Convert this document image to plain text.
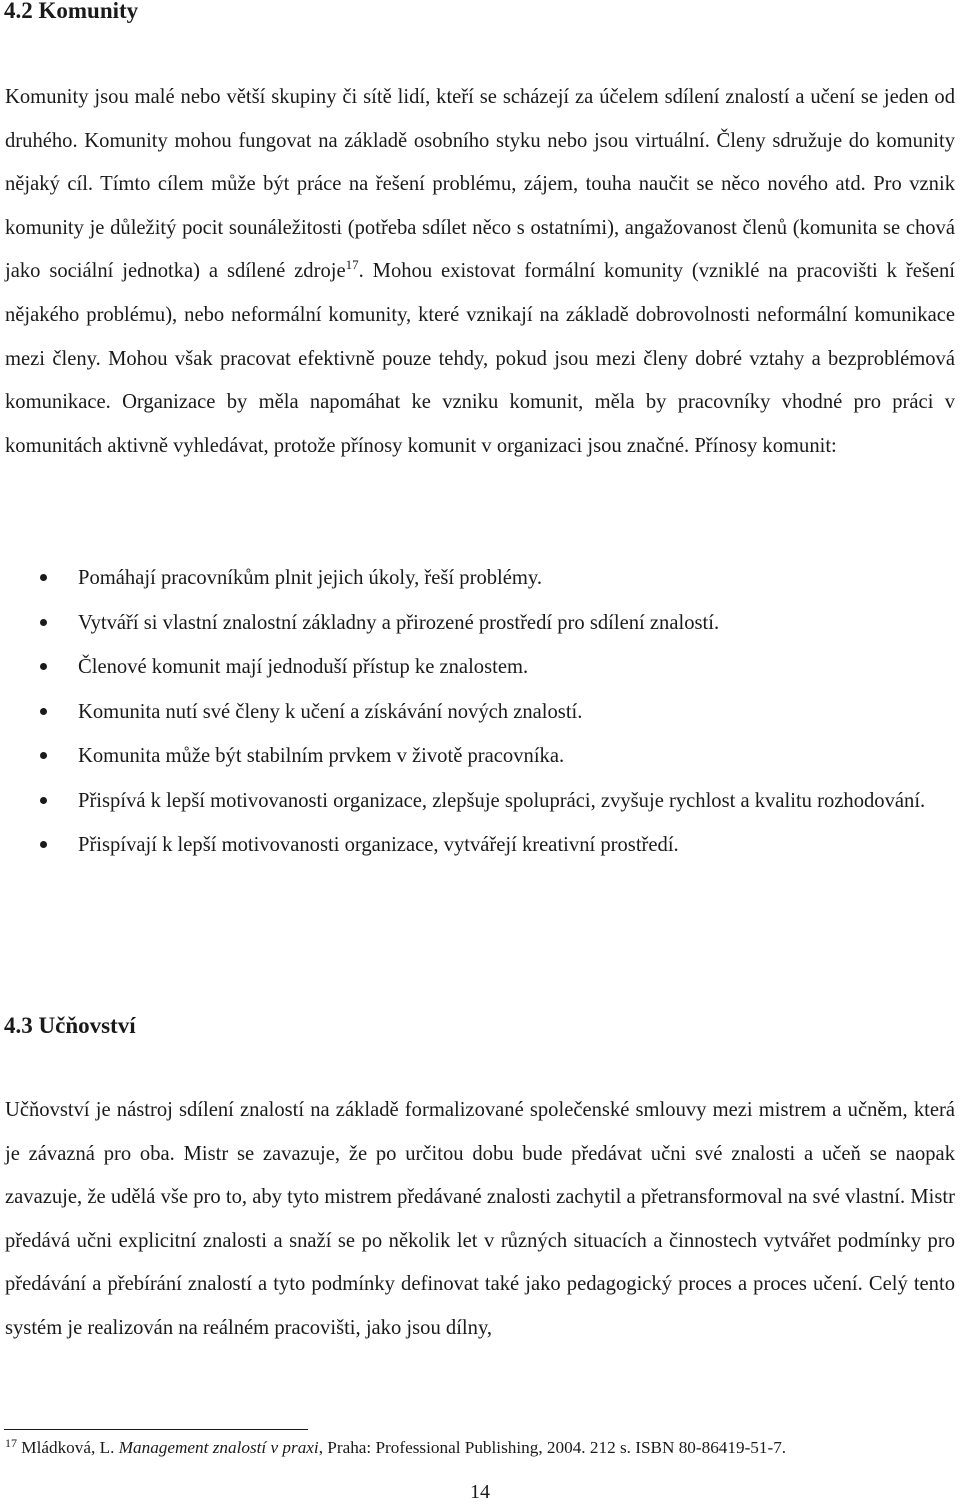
4.2 Komunity

Komunity jsou malé nebo větší skupiny či sítě lidí, kteří se scházejí za účelem sdílení znalostí a učení se jeden od druhého. Komunity mohou fungovat na základě osobního styku nebo jsou virtuální. Členy sdružuje do komunity nějaký cíl. Tímto cílem může být práce na řešení problému, zájem, touha naučit se něco nového atd. Pro vznik komunity je důležitý pocit sounáležitosti (potřeba sdílet něco s ostatními), angažovanost členů (komunita se chová jako sociální jednotka) a sdílené zdroje$^{17}$. Mohou existovat formální komunity (vzniklé na pracovišti k řešení nějakého problému), nebo neformální komunity, které vznikají na základě dobrovolnosti neformální komunikace mezi členy. Mohou však pracovat efektivně pouze tehdy, pokud jsou mezi členy dobré vztahy a bezproblémová komunikace. Organizace by měla napomáhat ke vzniku komunit, měla by pracovníky vhodné pro práci v komunitách aktivně vyhledávat, protože přínosy komunit v organizaci jsou značné. Přínosy komunit:

Pomáhají pracovníkům plnit jejich úkoly, řeší problémy.
Vytváří si vlastní znalostní základny a přirozené prostředí pro sdílení znalostí.
Členové komunit mají jednoduší přístup ke znalostem.
Komunita nutí své členy k učení a získávání nových znalostí.
Komunita může být stabilním prvkem v životě pracovníka.
Přispívá k lepší motivovanosti organizace, zlepšuje spolupráci, zvyšuje rychlost a kvalitu rozhodování.
Přispívají k lepší motivovanosti organizace, vytvářejí kreativní prostředí.
4.3 Učňovství

Učňovství je nástroj sdílení znalostí na základě formalizované společenské smlouvy mezi mistrem a učněm, která je závazná pro oba. Mistr se zavazuje, že po určitou dobu bude předávat učni své znalosti a učeň se naopak zavazuje, že udělá vše pro to, aby tyto mistrem předávané znalosti zachytil a přetransformoval na své vlastní. Mistr předává učni explicitní znalosti a snaží se po několik let v různých situacích a činnostech vytvářet podmínky pro předávání a přebírání znalostí a tyto podmínky definovat také jako pedagogický proces a proces učení. Celý tento systém je realizován na reálném pracovišti, jako jsou dílny,

$^{17}$ Mládková, L. Management znalostí v praxi, Praha: Professional Publishing, 2004. 212 s. ISBN 80-86419-51-7.

14
